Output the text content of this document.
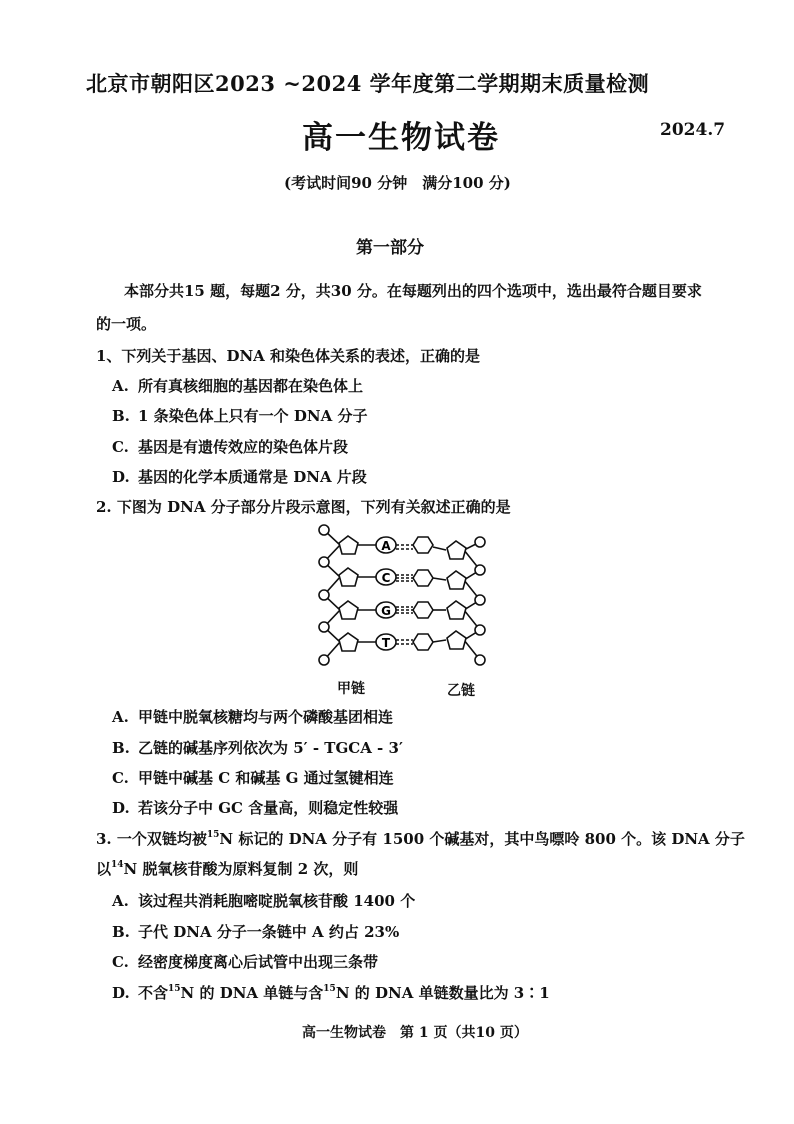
北京市朝阳区2023 ~2024 学年度第二学期期末质量检测
高一生物试卷	2024.7
(考试时间90 分钟　满分100 分)
第一部分
本部分共15 题，每题2 分，共30 分。在每题列出的四个选项中，选出最符合题目要求
的一项。
1、下列关于基因、DNA 和染色体关系的表述，正确的是
A. 所有真核细胞的基因都在染色体上
B. 1 条染色体上只有一个 DNA 分子
C. 基因是有遗传效应的染色体片段
D. 基因的化学本质通常是 DNA 片段
2. 下图为 DNA 分子部分片段示意图，下列有关叙述正确的是
A
C
G
T
甲链	乙链
A. 甲链中脱氧核糖均与两个磷酸基团相连
B. 乙链的碱基序列依次为 5′ - TGCA - 3′
C. 甲链中碱基 C 和碱基 G 通过氢键相连
D. 若该分子中 GC 含量高，则稳定性较强
3. 一个双链均被$^{15}$N 标记的 DNA 分子有 1500 个碱基对，其中鸟嘌呤 800 个。该 DNA 分子
以$^{14}$N 脱氧核苷酸为原料复制 2 次，则
A. 该过程共消耗胞嘧啶脱氧核苷酸 1400 个
B. 子代 DNA 分子一条链中 A 约占 23%
C. 经密度梯度离心后试管中出现三条带
D. 不含$^{15}$N 的 DNA 单链与含$^{15}$N 的 DNA 单链数量比为 3∶1
高一生物试卷　第 1 页（共10 页）
